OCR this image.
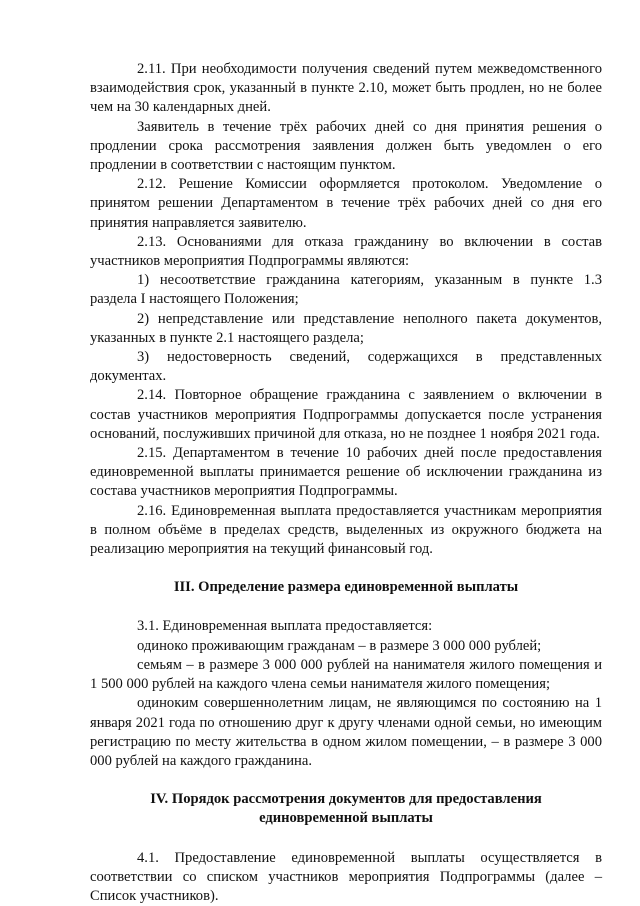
2.11. При необходимости получения сведений путем межведомственного взаимодействия срок, указанный в пункте 2.10, может быть продлен, но не более чем на 30 календарных дней.

Заявитель в течение трёх рабочих дней со дня принятия решения о продлении срока рассмотрения заявления должен быть уведомлен о его продлении в соответствии с настоящим пунктом.

2.12. Решение Комиссии оформляется протоколом. Уведомление о принятом решении Департаментом в течение трёх рабочих дней со дня его принятия направляется заявителю.

2.13. Основаниями для отказа гражданину во включении в состав участников мероприятия Подпрограммы являются:

1) несоответствие гражданина категориям, указанным в пункте 1.3 раздела I настоящего Положения;

2) непредставление или представление неполного пакета документов, указанных в пункте 2.1 настоящего раздела;

3) недостоверность сведений, содержащихся в представленных документах.

2.14. Повторное обращение гражданина с заявлением о включении в состав участников мероприятия Подпрограммы допускается после устранения оснований, послуживших причиной для отказа, но не позднее 1 ноября 2021 года.

2.15. Департаментом в течение 10 рабочих дней после предоставления единовременной выплаты принимается решение об исключении гражданина из состава участников мероприятия Подпрограммы.

2.16. Единовременная выплата предоставляется участникам мероприятия в полном объёме в пределах средств, выделенных из окружного бюджета на реализацию мероприятия на текущий финансовый год.

III. Определение размера единовременной выплаты

3.1. Единовременная выплата предоставляется:

одиноко проживающим гражданам – в размере 3 000 000 рублей;

семьям – в размере 3 000 000 рублей на нанимателя жилого помещения и 1 500 000 рублей на каждого члена семьи нанимателя жилого помещения;

одиноким совершеннолетним лицам, не являющимся по состоянию на 1 января 2021 года по отношению друг к другу членами одной семьи, но имеющим регистрацию по месту жительства в одном жилом помещении, – в размере 3 000 000 рублей на каждого гражданина.

IV. Порядок рассмотрения документов для предоставления

единовременной выплаты

4.1. Предоставление единовременной выплаты осуществляется в соответствии со списком участников мероприятия Подпрограммы (далее – Список участников).
